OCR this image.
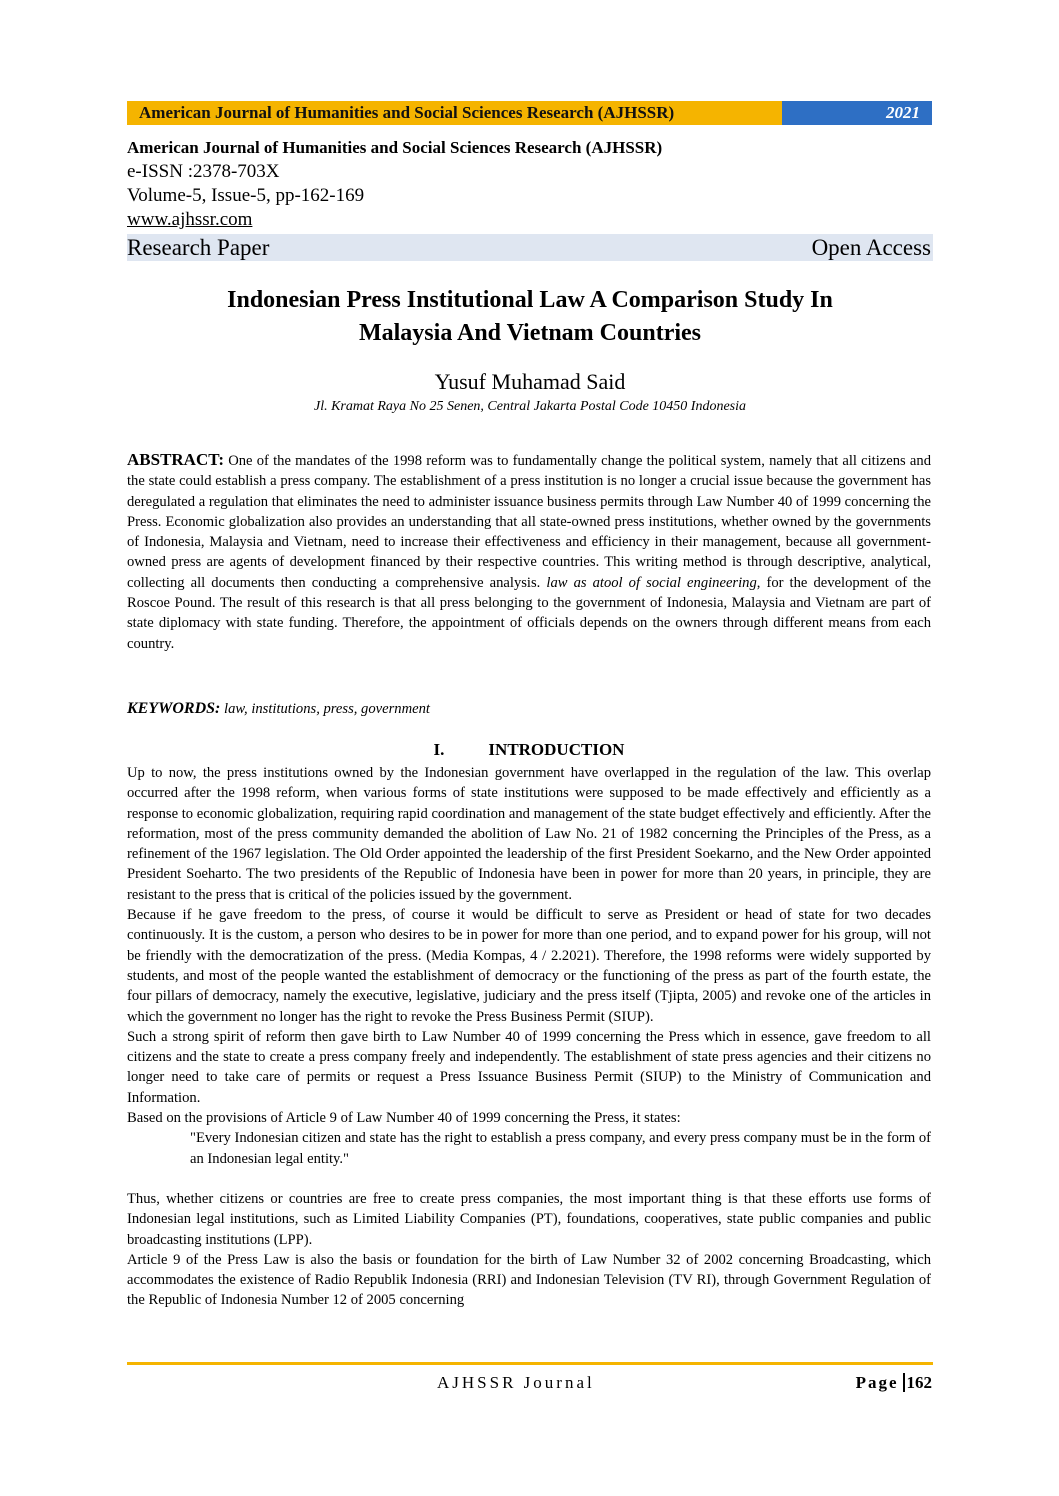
American Journal of Humanities and Social Sciences Research (AJHSSR)	2021
American Journal of Humanities and Social Sciences Research (AJHSSR)
e-ISSN :2378-703X
Volume-5, Issue-5, pp-162-169
www.ajhssr.com
Research Paper	Open Access
Indonesian Press Institutional Law A Comparison Study In
Malaysia And Vietnam Countries
Yusuf Muhamad Said
Jl. Kramat Raya No 25 Senen, Central Jakarta Postal Code 10450 Indonesia
ABSTRACT: One of the mandates of the 1998 reform was to fundamentally change the political system, namely that all citizens and the state could establish a press company. The establishment of a press institution is no longer a crucial issue because the government has deregulated a regulation that eliminates the need to administer issuance business permits through Law Number 40 of 1999 concerning the Press. Economic globalization also provides an understanding that all state-owned press institutions, whether owned by the governments of Indonesia, Malaysia and Vietnam, need to increase their effectiveness and efficiency in their management, because all government-owned press are agents of development financed by their respective countries. This writing method is through descriptive, analytical, collecting all documents then conducting a comprehensive analysis. law as atool of social engineering, for the development of the Roscoe Pound. The result of this research is that all press belonging to the government of Indonesia, Malaysia and Vietnam are part of state diplomacy with state funding. Therefore, the appointment of officials depends on the owners through different means from each country.
KEYWORDS: law, institutions, press, government
I.	INTRODUCTION

Up to now, the press institutions owned by the Indonesian government have overlapped in the regulation of the law. This overlap occurred after the 1998 reform, when various forms of state institutions were supposed to be made effectively and efficiently as a response to economic globalization, requiring rapid coordination and management of the state budget effectively and efficiently. After the reformation, most of the press community demanded the abolition of Law No. 21 of 1982 concerning the Principles of the Press, as a refinement of the 1967 legislation. The Old Order appointed the leadership of the first President Soekarno, and the New Order appointed President Soeharto. The two presidents of the Republic of Indonesia have been in power for more than 20 years, in principle, they are resistant to the press that is critical of the policies issued by the government.

Because if he gave freedom to the press, of course it would be difficult to serve as President or head of state for two decades continuously. It is the custom, a person who desires to be in power for more than one period, and to expand power for his group, will not be friendly with the democratization of the press. (Media Kompas, 4 / 2.2021). Therefore, the 1998 reforms were widely supported by students, and most of the people wanted the establishment of democracy or the functioning of the press as part of the fourth estate, the four pillars of democracy, namely the executive, legislative, judiciary and the press itself (Tjipta, 2005) and revoke one of the articles in which the government no longer has the right to revoke the Press Business Permit (SIUP).

Such a strong spirit of reform then gave birth to Law Number 40 of 1999 concerning the Press which in essence, gave freedom to all citizens and the state to create a press company freely and independently. The establishment of state press agencies and their citizens no longer need to take care of permits or request a Press Issuance Business Permit (SIUP) to the Ministry of Communication and Information.

Based on the provisions of Article 9 of Law Number 40 of 1999 concerning the Press, it states:

"Every Indonesian citizen and state has the right to establish a press company, and every press company must be in the form of an Indonesian legal entity."

Thus, whether citizens or countries are free to create press companies, the most important thing is that these efforts use forms of Indonesian legal institutions, such as Limited Liability Companies (PT), foundations, cooperatives, state public companies and public broadcasting institutions (LPP).

Article 9 of the Press Law is also the basis or foundation for the birth of Law Number 32 of 2002 concerning Broadcasting, which accommodates the existence of Radio Republik Indonesia (RRI) and Indonesian Television (TV RI), through Government Regulation of the Republic of Indonesia Number 12 of 2005 concerning

AJHSSR Journal	Page 162
